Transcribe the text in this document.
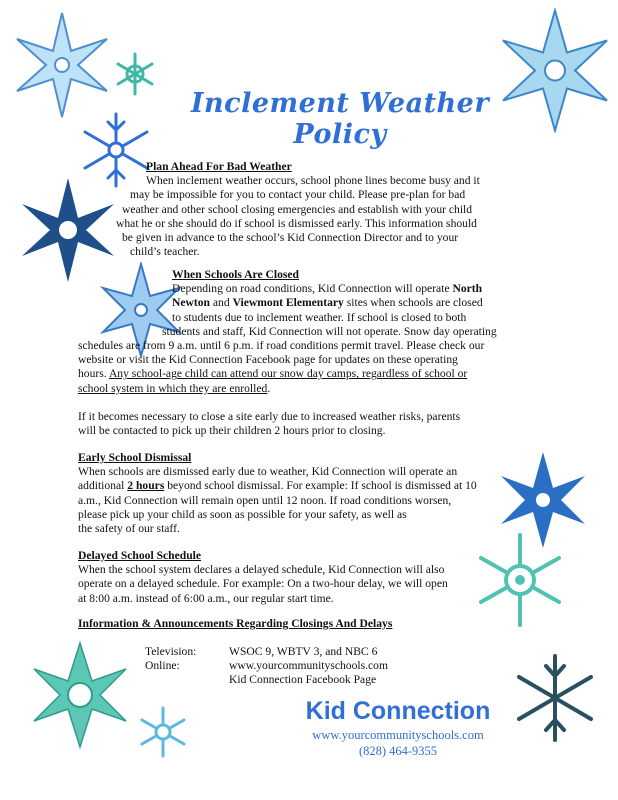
Inclement Weather Policy

Plan Ahead For Bad Weather

When inclement weather occurs, school phone lines become busy and it

may be impossible for you to contact your child. Please pre-plan for bad

weather and other school closing emergencies and establish with your child

what he or she should do if school is dismissed early. This information should

be given in advance to the school’s Kid Connection Director and to your

child’s teacher.

When Schools Are Closed

Depending on road conditions, Kid Connection will operate North

Newton and Viewmont Elementary sites when schools are closed

to students due to inclement weather. If school is closed to both

students and staff, Kid Connection will not operate. Snow day operating

schedules are from 9 a.m. until 6 p.m. if road conditions permit travel. Please check our

website or visit the Kid Connection Facebook page for updates on these operating

hours. Any school-age child can attend our snow day camps, regardless of school or

school system in which they are enrolled.

If it becomes necessary to close a site early due to increased weather risks, parents

will be contacted to pick up their children 2 hours prior to closing.

Early School Dismissal

When schools are dismissed early due to weather, Kid Connection will operate an

additional 2 hours beyond school dismissal. For example: If school is dismissed at 10

a.m., Kid Connection will remain open until 12 noon. If road conditions worsen,

please pick up your child as soon as possible for your safety, as well as

the safety of our staff.

Delayed School Schedule

When the school system declares a delayed schedule, Kid Connection will also

operate on a delayed schedule. For example: On a two-hour delay, we will open

at 8:00 a.m. instead of 6:00 a.m., our regular start time.

Information & Announcements Regarding Closings And Delays

Television:	WSOC 9, WBTV 3, and NBC 6
Online:	www.yourcommunityschools.com
Kid Connection Facebook Page
Kid Connection
www.yourcommunityschools.com
(828) 464-9355
